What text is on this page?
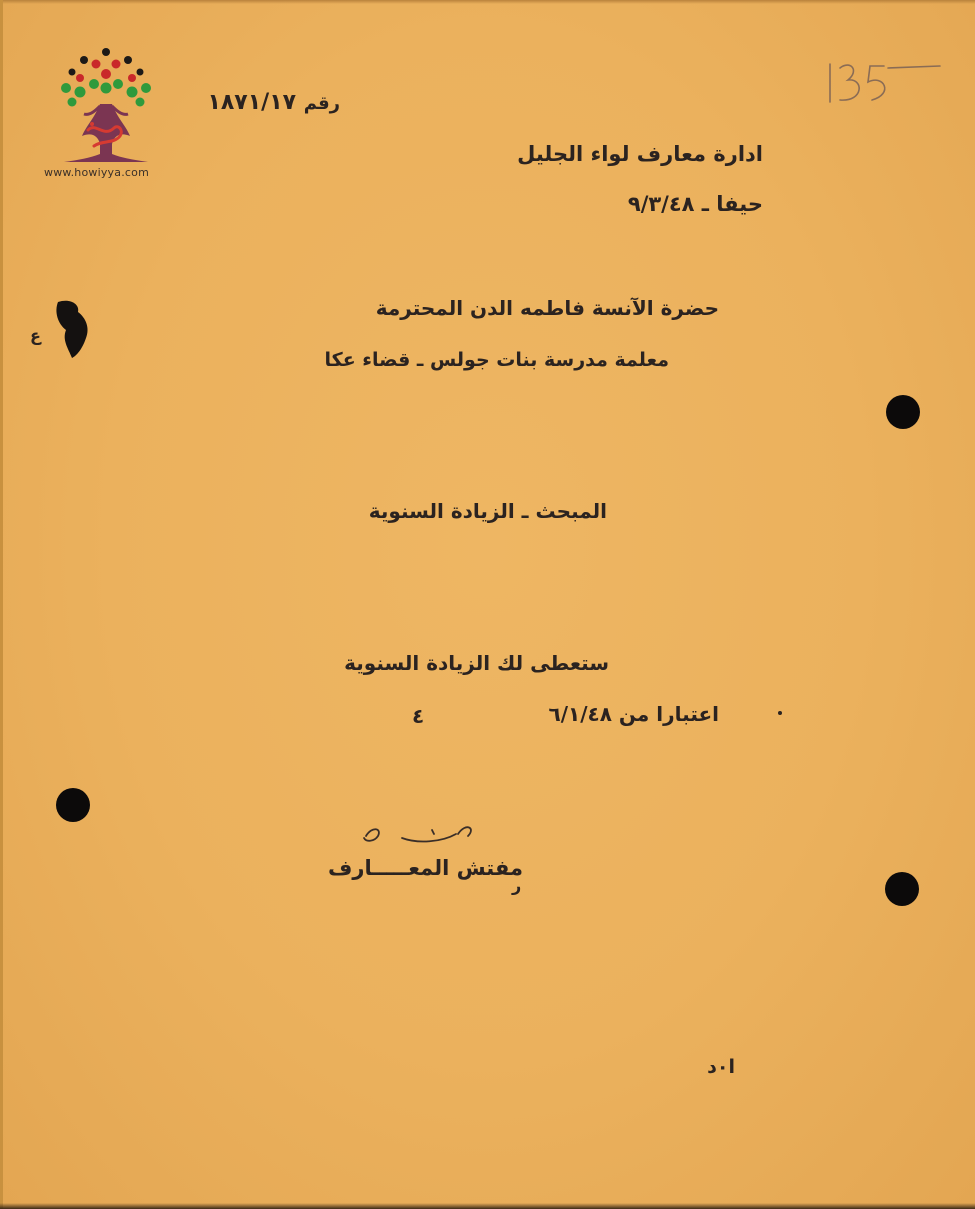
www.howiyya.com
رقم ١٨٧١/١٧
ادارة معارف لواء الجليل
حيفا ـ ٩/٣/٤٨
حضرة الآنسة فاطمه الدن المحترمة
معلمة مدرسة بنات جولس ـ قضاء عكا
ع
المبحث ـ الزيادة السنوية
ستعطى لك الزيادة السنوية
اعتبارا من ٦/١/٤٨
٤
مفتش المعـــــارف
ر
ا٠د
